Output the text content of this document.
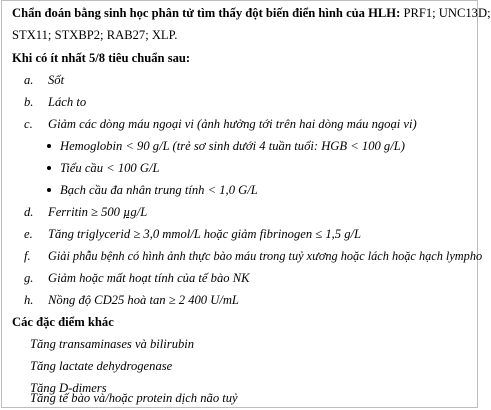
Chẩn đoán bằng sinh học phân tử tìm thấy đột biến điển hình của HLH: PRF1; UNC13D;
STX11; STXBP2; RAB27; XLP.
Khi có ít nhất 5/8 tiêu chuẩn sau:
a. Sốt
b. Lách to
c. Giảm các dòng máu ngoại vi (ảnh hưởng tới trên hai dòng máu ngoại vi)
Hemoglobin < 90 g/L (trẻ sơ sinh dưới 4 tuần tuổi: HGB < 100 g/L)
Tiểu cầu < 100 G/L
Bạch cầu đa nhân trung tính < 1,0 G/L
d. Ferritin ≥ 500 µg/L
e. Tăng triglycerid ≥ 3,0 mmol/L hoặc giảm fibrinogen ≤ 1,5 g/L
f. Giải phẫu bệnh có hình ảnh thực bào máu trong tuỷ xương hoặc lách hoặc hạch lympho
g. Giảm hoặc mất hoạt tính của tế bào NK
h. Nồng độ CD25 hoà tan ≥ 2 400 U/mL
Các đặc điểm khác
Tăng transaminases và bilirubin
Tăng lactate dehydrogenase
Tăng D-dimers
Tăng tế bào và/hoặc protein dịch não tuỷ
